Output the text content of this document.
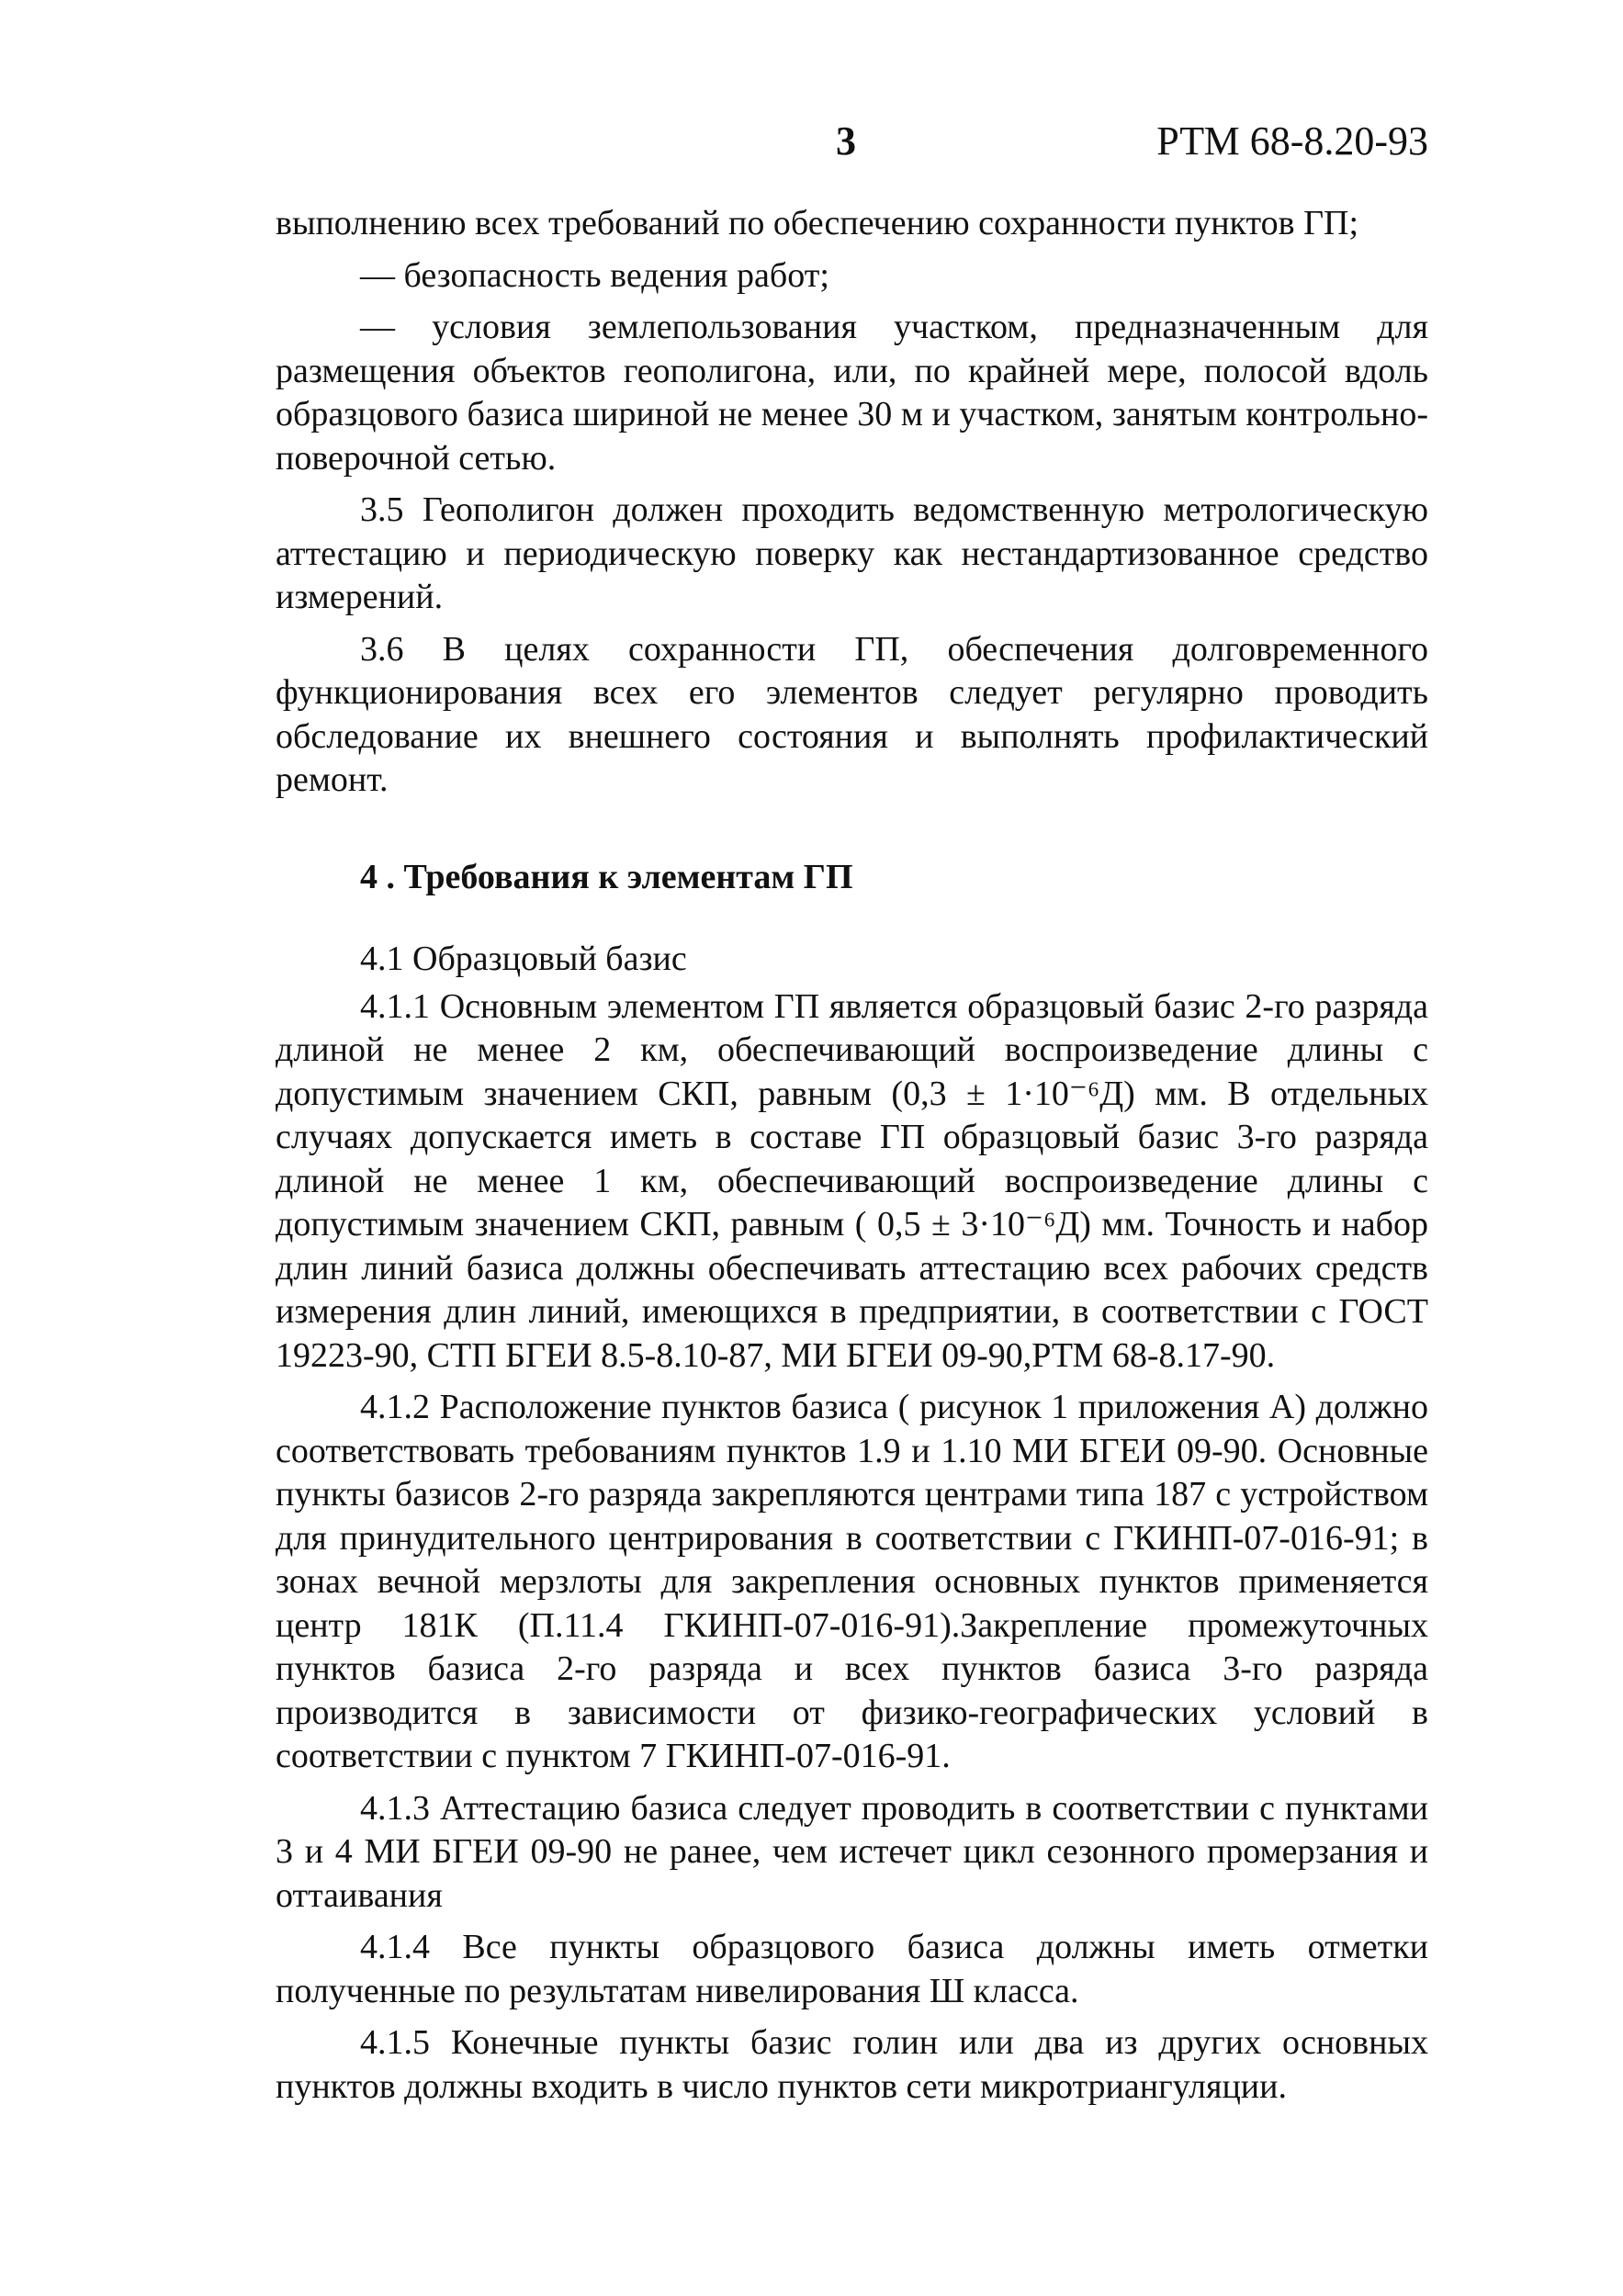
3	РТМ 68-8.20-93

выполнению всех требований по обеспечению сохранности пунктов ГП;

— безопасность ведения работ;

— условия землепользования участком, предназначенным для размещения объектов геополигона, или, по крайней мере, полосой вдоль образцового базиса шириной не менее 30 м и участком, занятым контрольно-поверочной сетью.

3.5 Геополигон должен проходить ведомственную метрологическую аттестацию и периодическую поверку как нестандартизованное средство измерений.

3.6 В целях сохранности ГП, обеспечения долговременного функционирования всех его элементов следует регулярно проводить обследование их внешнего состояния и выполнять профилактический ремонт.

4 . Требования к элементам ГП

4.1 Образцовый базис

4.1.1 Основным элементом ГП является образцовый базис 2-го разряда длиной не менее 2 км, обеспечивающий воспроизведение длины с допустимым значением СКП, равным (0,3 ± 1·10⁻⁶Д) мм. В отдельных случаях допускается иметь в составе ГП образцовый базис 3-го разряда длиной не менее 1 км, обеспечивающий воспроизведение длины с допустимым значением СКП, равным ( 0,5 ± 3·10⁻⁶Д) мм. Точность и набор длин линий базиса должны обеспечивать аттестацию всех рабочих средств измерения длин линий, имеющихся в предприятии, в соответствии с ГОСТ 19223-90, СТП БГЕИ 8.5-8.10-87, МИ БГЕИ 09-90,РТМ 68-8.17-90.

4.1.2 Расположение пунктов базиса ( рисунок 1 приложения А) должно соответствовать требованиям пунктов 1.9 и 1.10 МИ БГЕИ 09-90. Основные пункты базисов 2-го разряда закрепляются центрами типа 187 с устройством для принудительного центрирования в соответствии с ГКИНП-07-016-91; в зонах вечной мерзлоты для закрепления основных пунктов применяется центр 181К (П.11.4 ГКИНП-07-016-91).Закрепление промежуточных пунктов базиса 2-го разряда и всех пунктов базиса 3-го разряда производится в зависимости от физико-географических условий в соответствии с пунктом 7 ГКИНП-07-016-91.

4.1.3 Аттестацию базиса следует проводить в соответствии с пунктами 3 и 4 МИ БГЕИ 09-90 не ранее, чем истечет цикл сезонного промерзания и оттаивания

4.1.4 Все пункты образцового базиса должны иметь отметки полученные по результатам нивелирования Ш класса.

4.1.5 Конечные пункты базис голин или два из других основных пунктов должны входить в число пунктов сети микротриангуляции.
